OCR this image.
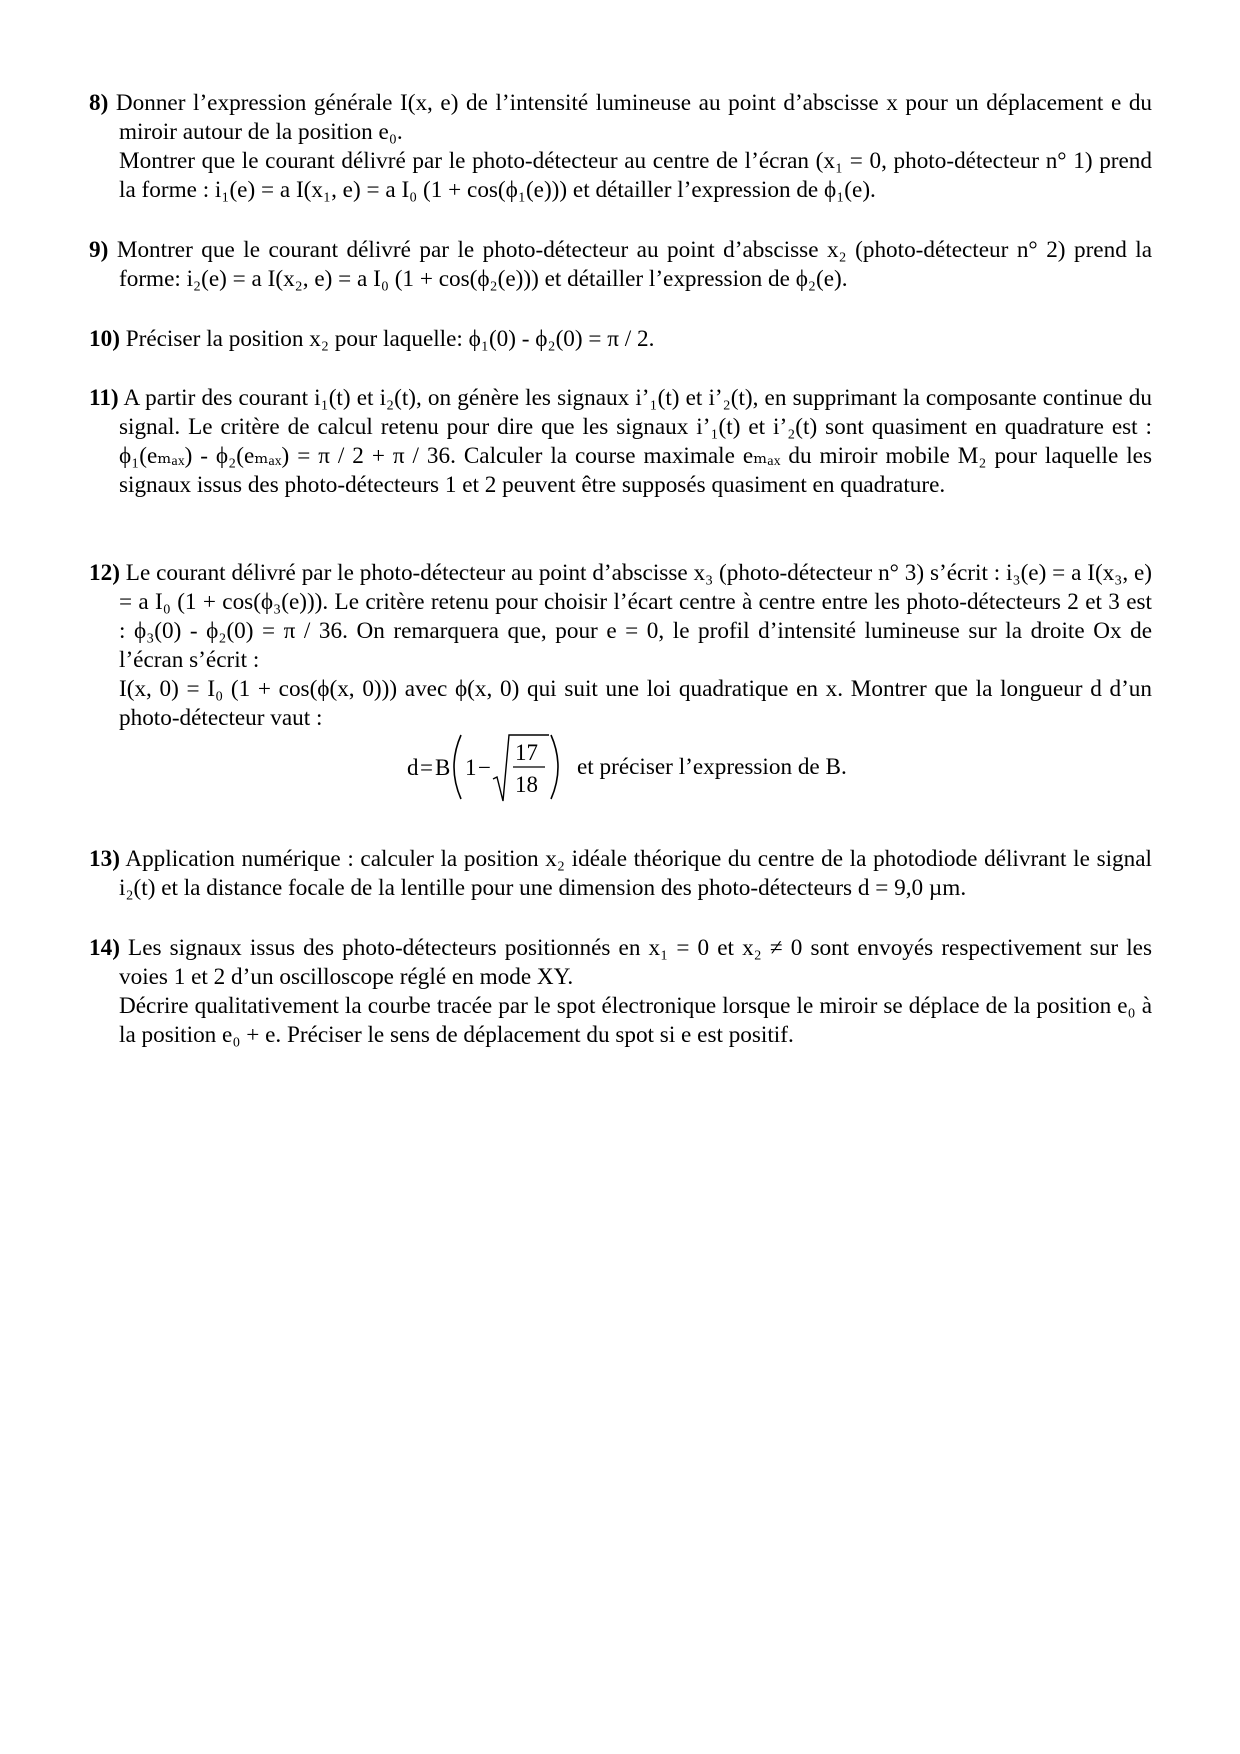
8) Donner l’expression générale I(x, e) de l’intensité lumineuse au point d’abscisse x pour un déplacement e du miroir autour de la position e₀.

Montrer que le courant délivré par le photo-détecteur au centre de l’écran (x₁ = 0, photo-détecteur n° 1) prend la forme : i₁(e) = a I(x₁, e) = a I₀ (1 + cos(ϕ₁(e))) et détailler l’expression de ϕ₁(e).

9) Montrer que le courant délivré par le photo-détecteur au point d’abscisse x₂ (photo-détecteur n° 2) prend la forme: i₂(e) = a I(x₂, e) = a I₀ (1 + cos(ϕ₂(e))) et détailler l’expression de ϕ₂(e).

10) Préciser la position x₂ pour laquelle: ϕ₁(0) - ϕ₂(0) = π / 2.

11) A partir des courant i₁(t) et i₂(t), on génère les signaux i’₁(t) et i’₂(t), en supprimant la composante continue du signal. Le critère de calcul retenu pour dire que les signaux i’₁(t) et i’₂(t) sont quasiment en quadrature est : ϕ₁(eₘₐₓ) - ϕ₂(eₘₐₓ) = π / 2 + π / 36. Calculer la course maximale eₘₐₓ du miroir mobile M₂ pour laquelle les signaux issus des photo-détecteurs 1 et 2 peuvent être supposés quasiment en quadrature.

12) Le courant délivré par le photo-détecteur au point d’abscisse x₃ (photo-détecteur n° 3) s’écrit : i₃(e) = a I(x₃, e) = a I₀ (1 + cos(ϕ₃(e))). Le critère retenu pour choisir l’écart centre à centre entre les photo-détecteurs 2 et 3 est : ϕ₃(0) - ϕ₂(0) = π / 36. On remarquera que, pour e = 0, le profil d’intensité lumineuse sur la droite Ox de l’écran s’écrit :

I(x, 0) = I₀ (1 + cos(ϕ(x, 0))) avec ϕ(x, 0) qui suit une loi quadratique en x. Montrer que la longueur d d’un photo-détecteur vaut :

d = B 1 −
17
18
et préciser l’expression de B.

13) Application numérique : calculer la position x₂ idéale théorique du centre de la photodiode délivrant le signal i₂(t) et la distance focale de la lentille pour une dimension des photo-détecteurs d = 9,0 µm.

14) Les signaux issus des photo-détecteurs positionnés en x₁ = 0 et x₂ ≠ 0 sont envoyés respectivement sur les voies 1 et 2 d’un oscilloscope réglé en mode XY.

Décrire qualitativement la courbe tracée par le spot électronique lorsque le miroir se déplace de la position e₀ à la position e₀ + e. Préciser le sens de déplacement du spot si e est positif.
